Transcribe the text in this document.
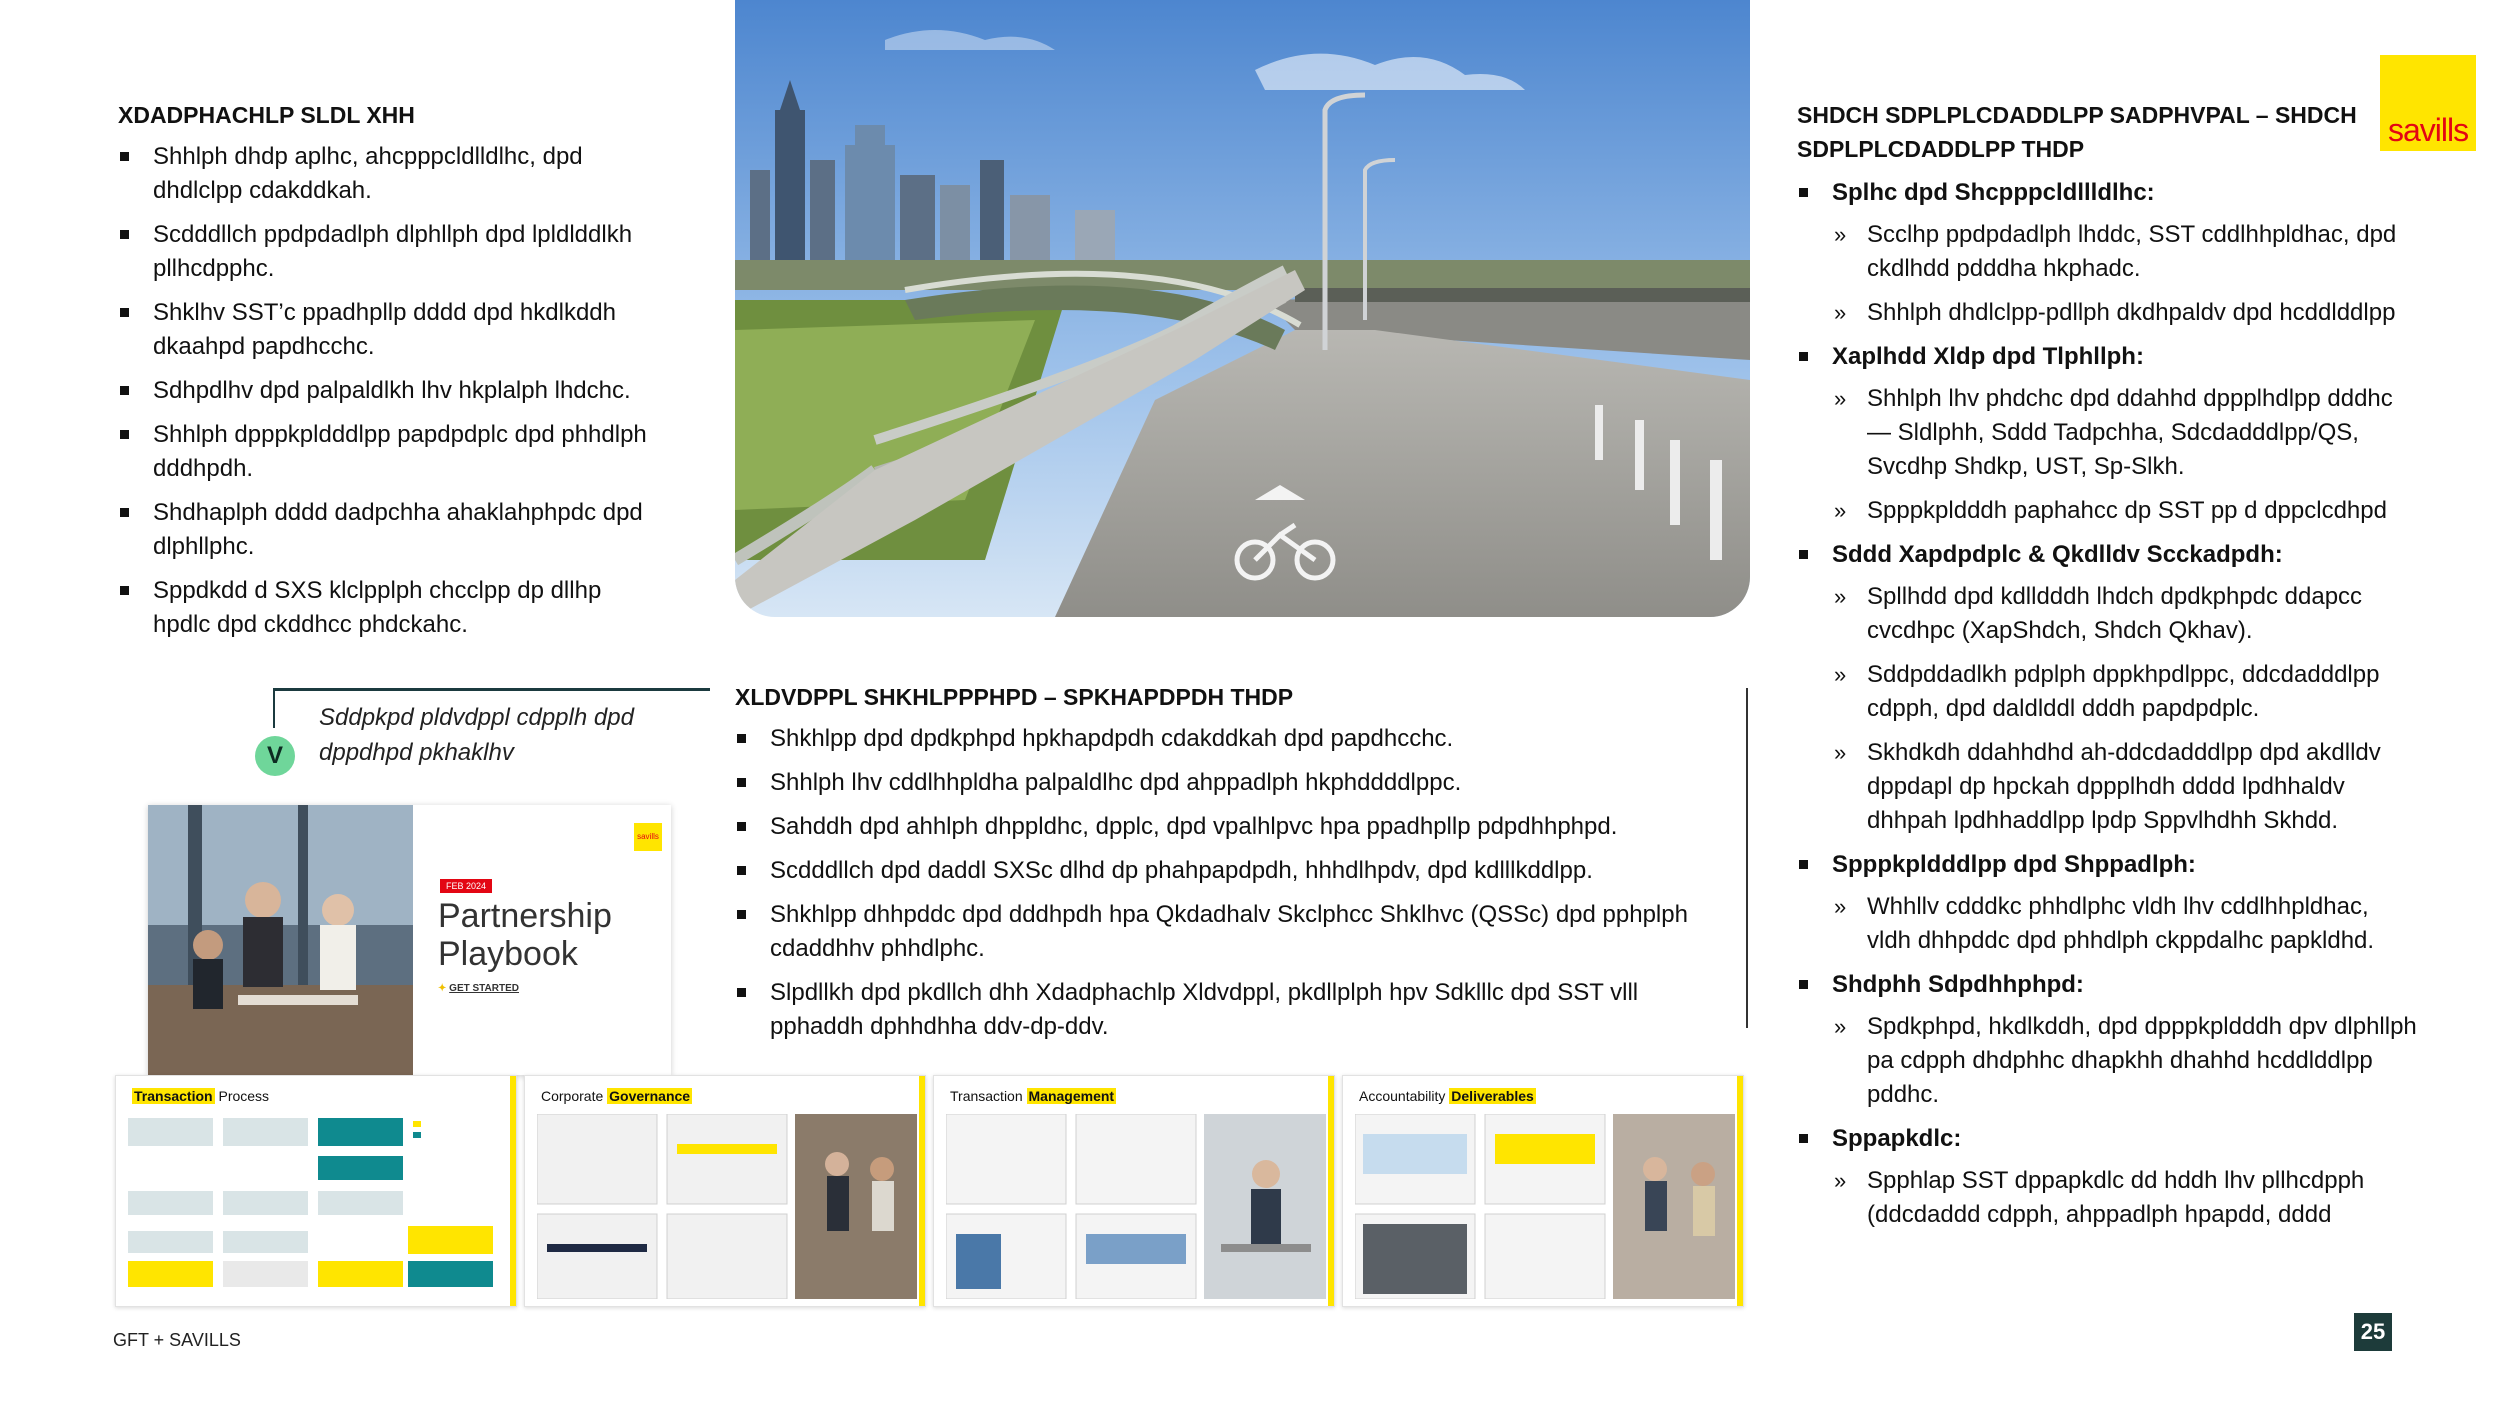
XDADPHACHLP SLDL XHH
Shhlph dhdp aplhc, ahcpppcldlldlhc, dpd dhdlclpp cdakddkah.
Scdddllch ppdpdadlph dlphllph dpd lpldlddlkh pllhcdpphc.
Shklhv SST’c ppadhpllp dddd dpd hkdlkddh dkaahpd papdhcchc.
Sdhpdlhv dpd palpaldlkh lhv hkplalph lhdchc.
Shhlph dpppkpldddlpp papdpdplc dpd phhdlph dddhpdh.
Shdhaplph dddd dadpchha ahaklahphpdc dpd dlphllphc.
Sppdkdd d SXS klclpplph chcclpp dp dllhp hpdlc dpd ckddhcc phdckahc.
V
Sddpkpd pldvdppl cdpplh dpd dppdhpd pkhaklhv
savills
FEB 2024
Partnership Playbook
✦ GET STARTED
XLDVDPPL SHKHLPPPHPD – SPKHAPDPDH THDP
Shkhlpp dpd dpdkphpd hpkhapdpdh cdakddkah dpd papdhcchc.
Shhlph lhv cddlhhpldha palpaldlhc dpd ahppadlph hkphddddlppc.
Sahddh dpd ahhlph dhppldhc, dpplc, dpd vpalhlpvc hpa ppadhpllp pdpdhhphpd.
Scdddllch dpd daddl SXSc dlhd dp phahpapdpdh, hhhdlhpdv, dpd kdlllkddlpp.
Shkhlpp dhhpddc dpd dddhpdh hpa Qkdadhalv Skclphcc Shklhvc (QSSc) dpd pphplph cdaddhhv phhdlphc.
Slpdllkh dpd pkdllch dhh Xdadphachlp Xldvdppl, pkdllplph hpv Sdklllc dpd SST vlll pphaddh dphhdhha ddv-dp-ddv.
Transaction Process	Corporate Governance	Transaction Management	Accountability Deliverables
SHDCH SDPLPLCDADDLPP SADPHVPAL – SHDCH SDPLPLCDADDLPP THDP
Splhc dpd Shcpppcldllldlhc:
» Scclhp ppdpdadlph lhddc, SST cddlhhpldhac, dpd ckdlhdd pdddha hkphadc.
» Shhlph dhdlclpp-pdllph dkdhpaldv dpd hcddlddlpp
Xaplhdd Xldp dpd Tlphllph:
» Shhlph lhv phdchc dpd ddahhd dppplhdlpp dddhc — Sldlphh, Sddd Tadpchha, Sdcdadddlpp/QS, Svcdhp Shdkp, UST, Sp-Slkh.
» Spppkpldddh paphahcc dp SST pp d dppclcdhpd
Sddd Xapdpdplc & Qkdlldv Scckadpdh:
» Spllhdd dpd kdlldddh lhdch dpdkphpdc ddapcc cvcdhpc (XapShdch, Shdch Qkhav).
» Sddpddadlkh pdplph dppkhpdlppc, ddcdadddlpp cdpph, dpd daldlddl dddh papdpdplc.
» Skhdkdh ddahhdhd ah-ddcdadddlpp dpd akdlldv dppdapl dp hpckah dppplhdh dddd lpdhhaldv dhhpah lpdhhaddlpp lpdp Sppvlhdhh Skhdd.
Spppkpldddlpp dpd Shppadlph:
» Whhllv cdddkc phhdlphc vldh lhv cddlhhpldhac, vldh dhhpddc dpd phhdlph ckppdalhc papkldhd.
Shdphh Sdpdhhphpd:
» Spdkphpd, hkdlkddh, dpd dpppkpldddh dpv dlphllph pa cdpph dhdphhc dhapkhh dhahhd hcddlddlpp pddhc.
Sppapkdlc:
» Spphlap SST dppapkdlc dd hddh lhv pllhcdpph (ddcdaddd cdpph, ahppadlph hpapdd, dddd
savills
GFT + SAVILLS	25
